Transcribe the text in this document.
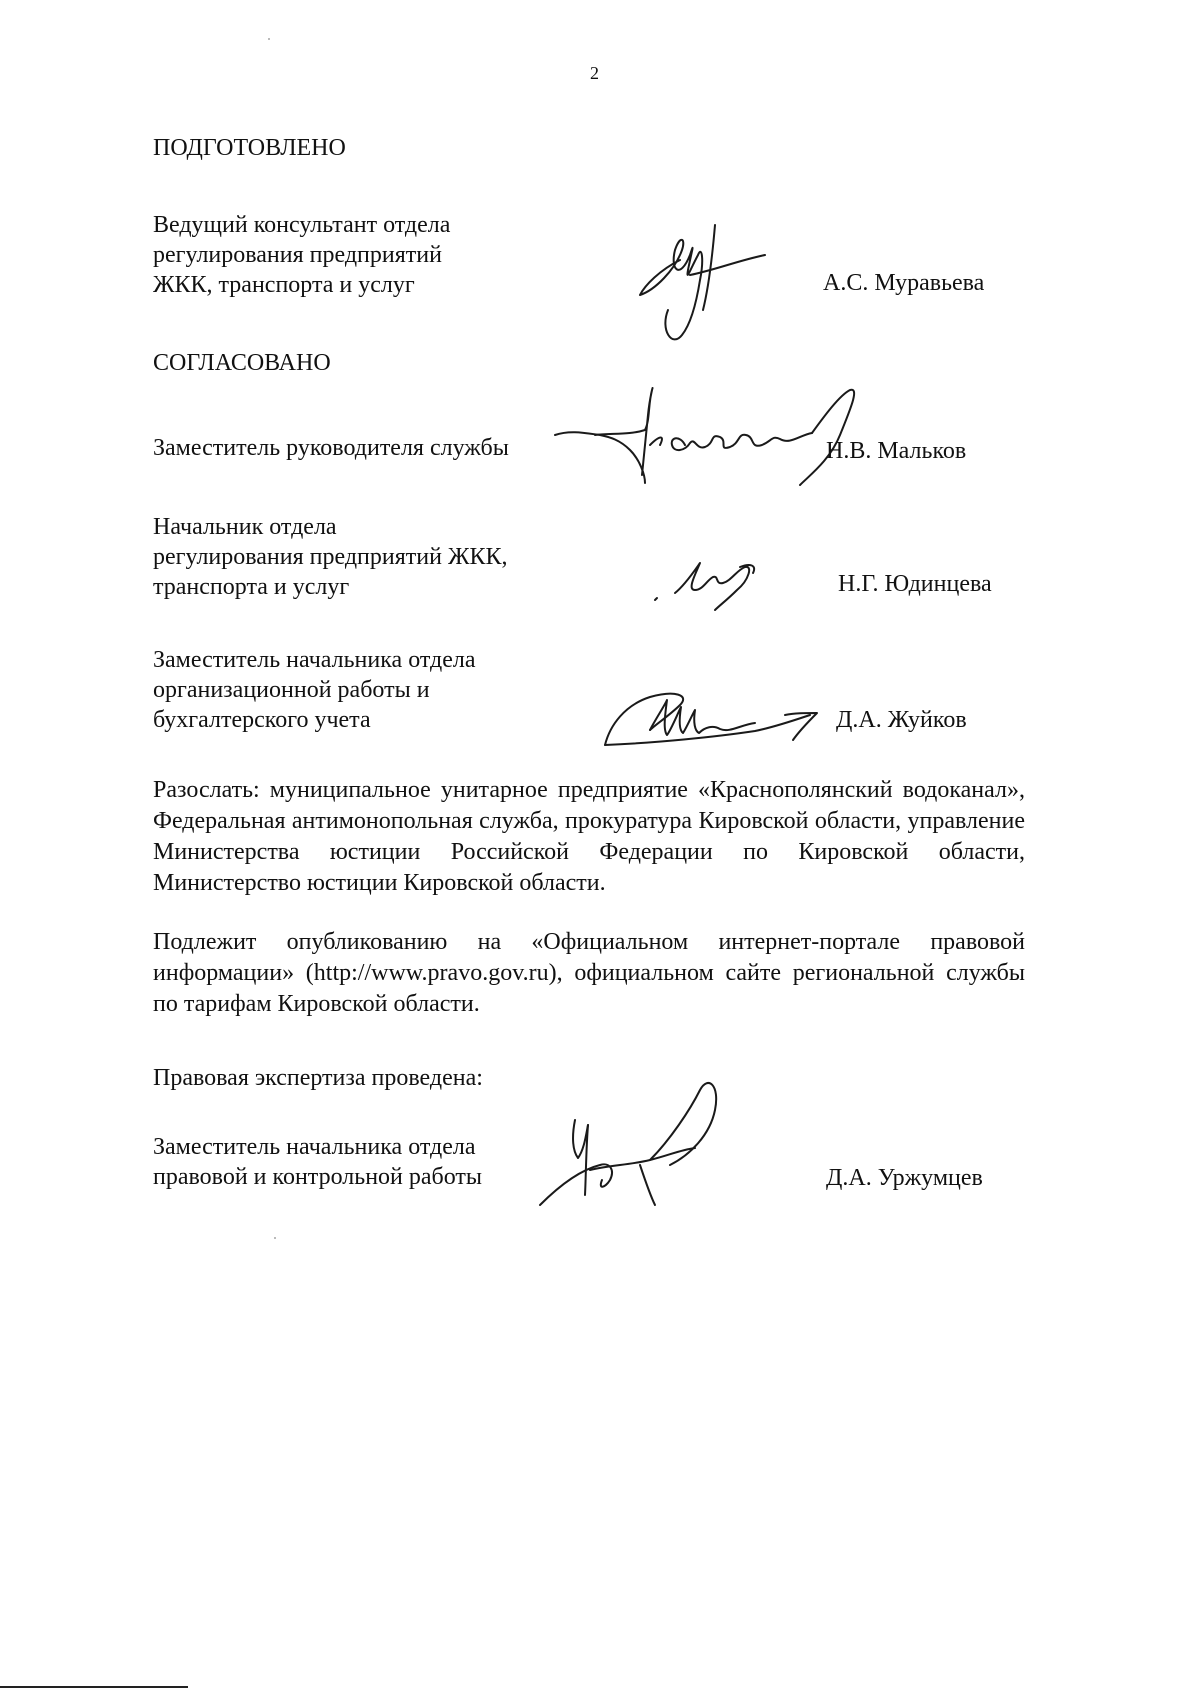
2
ПОДГОТОВЛЕНО
Ведущий консультант отдела
регулирования предприятий
ЖКК, транспорта и услуг	А.С. Муравьева
СОГЛАСОВАНО
Заместитель руководителя службы	Н.В. Мальков
Начальник отдела
регулирования предприятий ЖКК,
транспорта и услуг	Н.Г. Юдинцева
Заместитель начальника отдела
организационной работы и
бухгалтерского учета	Д.А. Жуйков
Разослать: муниципальное унитарное предприятие «Краснополянский водоканал», Федеральная антимонопольная служба, прокуратура Кировской области, управление Министерства юстиции Российской Федерации по Кировской области, Министерство юстиции Кировской области.
Подлежит опубликованию на «Официальном интернет-портале правовой информации» (http://www.pravo.gov.ru), официальном сайте региональной службы по тарифам Кировской области.
Правовая экспертиза проведена:
Заместитель начальника отдела
правовой и контрольной работы	Д.А. Уржумцев
